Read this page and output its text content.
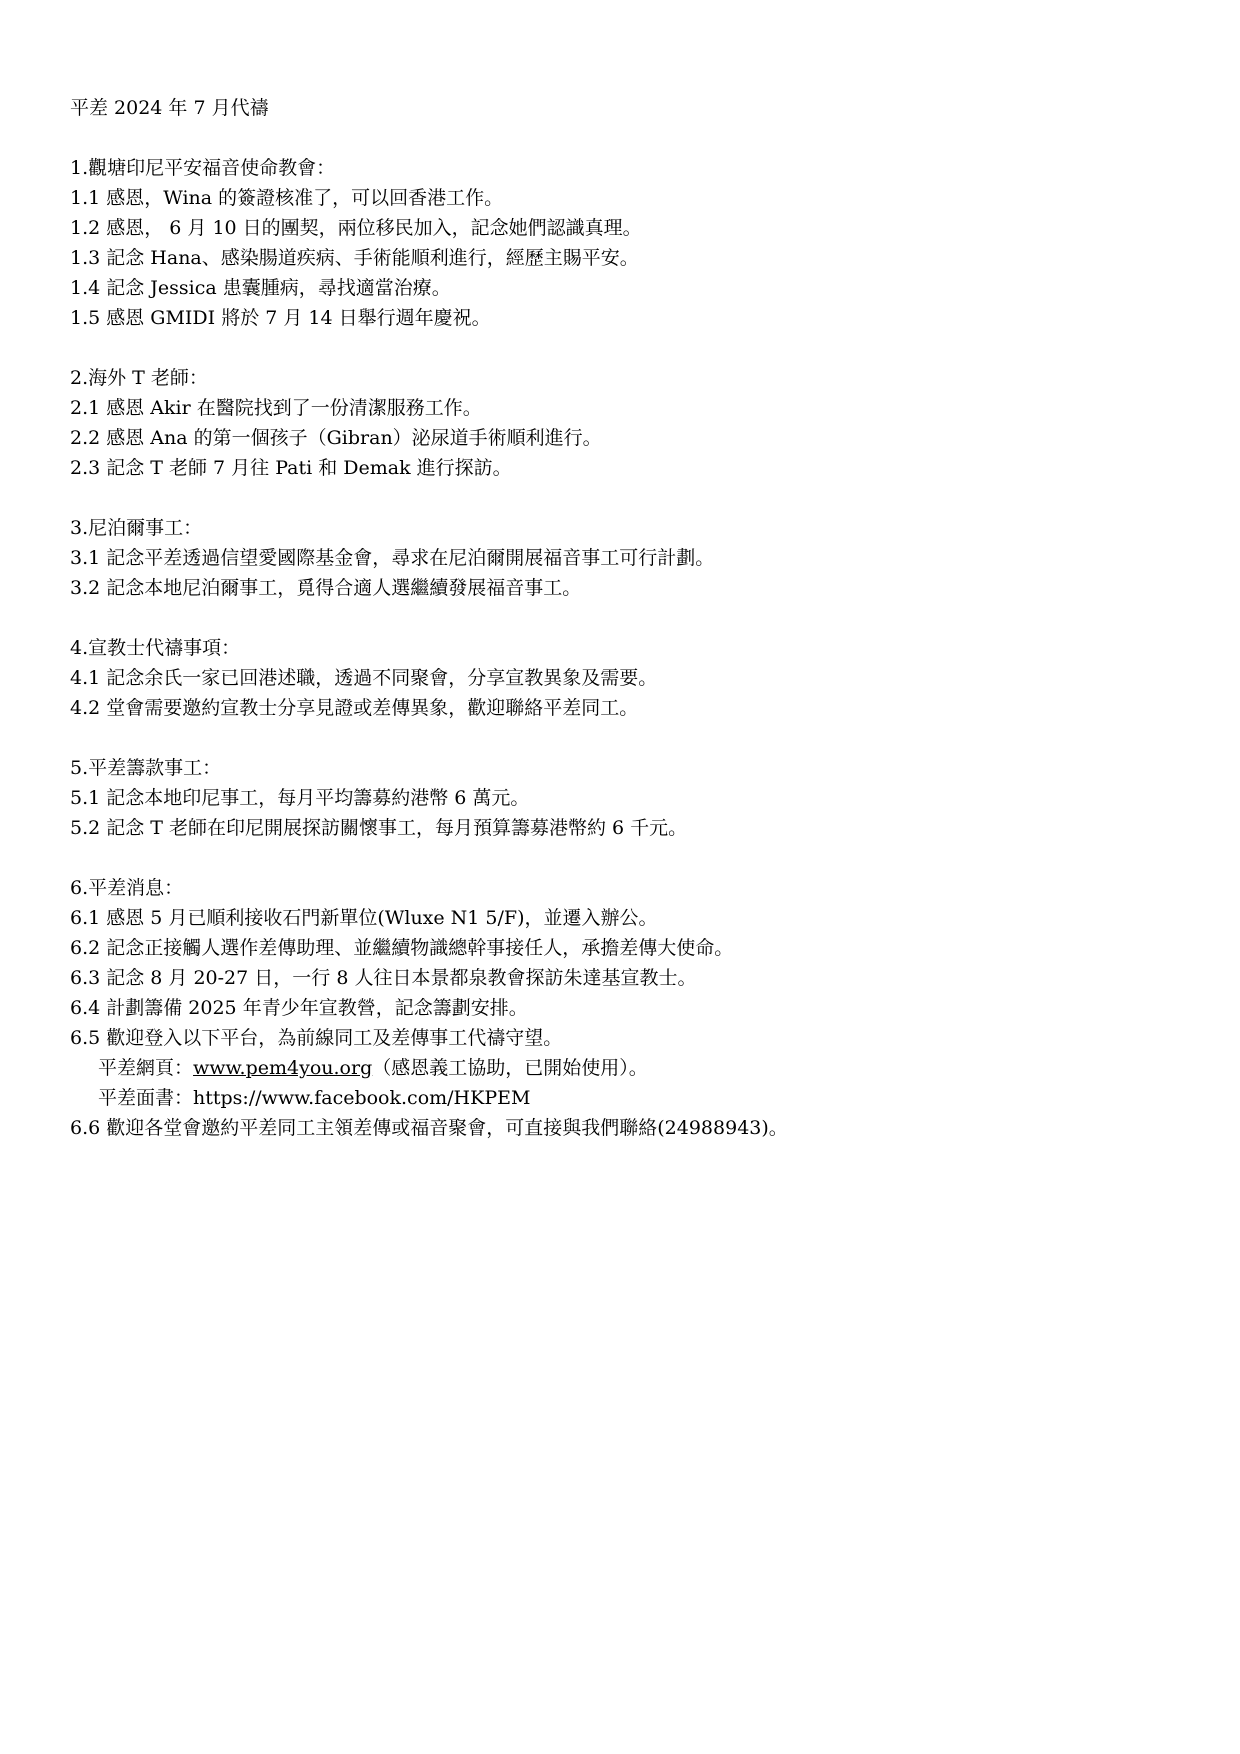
平差 2024 年 7 月代禱
1.觀塘印尼平安福音使命教會：
1.1 感恩，Wina 的簽證核准了，可以回香港工作。
1.2 感恩， 6 月 10 日的團契，兩位移民加入，記念她們認識真理。
1.3 記念 Hana、感染腸道疾病、手術能順利進行，經歷主賜平安。
1.4 記念 Jessica 患囊腫病，尋找適當治療。
1.5 感恩 GMIDI 將於 7 月 14 日舉行週年慶祝。
2.海外 T 老師：
2.1 感恩 Akir 在醫院找到了一份清潔服務工作。
2.2 感恩 Ana 的第一個孩子（Gibran）泌尿道手術順利進行。
2.3 記念 T 老師 7 月往 Pati 和 Demak 進行探訪。
3.尼泊爾事工：
3.1 記念平差透過信望愛國際基金會，尋求在尼泊爾開展福音事工可行計劃。
3.2 記念本地尼泊爾事工，覓得合適人選繼續發展福音事工。
4.宣教士代禱事項：
4.1 記念余氏一家已回港述職，透過不同聚會，分享宣教異象及需要。
4.2 堂會需要邀約宣教士分享見證或差傳異象，歡迎聯絡平差同工。
5.平差籌款事工：
5.1 記念本地印尼事工，每月平均籌募約港幣 6 萬元。
5.2 記念 T 老師在印尼開展探訪關懷事工，每月預算籌募港幣約 6 千元。
6.平差消息：
6.1 感恩 5 月已順利接收石門新單位(Wluxe N1 5/F)，並遷入辦公。
6.2 記念正接觸人選作差傳助理、並繼續物識總幹事接任人，承擔差傳大使命。
6.3 記念 8 月 20-27 日，一行 8 人往日本景都泉教會探訪朱達基宣教士。
6.4 計劃籌備 2025 年青少年宣教營，記念籌劃安排。
6.5 歡迎登入以下平台，為前線同工及差傳事工代禱守望。
平差網頁：www.pem4you.org（感恩義工協助，已開始使用）。
平差面書：https://www.facebook.com/HKPEM
6.6 歡迎各堂會邀約平差同工主領差傳或福音聚會，可直接與我們聯絡(24988943)。
